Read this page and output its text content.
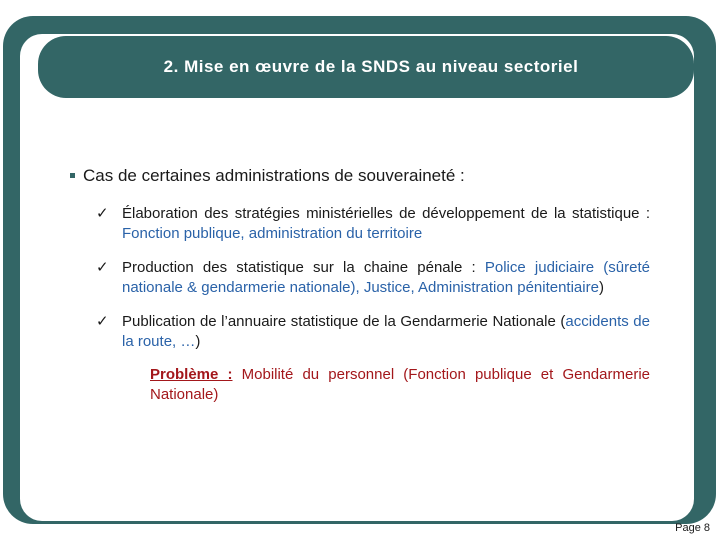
2. Mise en œuvre de la SNDS au niveau sectoriel
Cas de certaines administrations de souveraineté :
✓ Élaboration des stratégies ministérielles de développement de la statistique : Fonction publique, administration du territoire
✓ Production des statistique sur la chaine pénale : Police judiciaire (sûreté nationale & gendarmerie nationale), Justice, Administration pénitentiaire)
✓ Publication de l’annuaire statistique de la Gendarmerie Nationale (accidents de la route, …)
Problème : Mobilité du personnel (Fonction publique et Gendarmerie Nationale)
Page 8
